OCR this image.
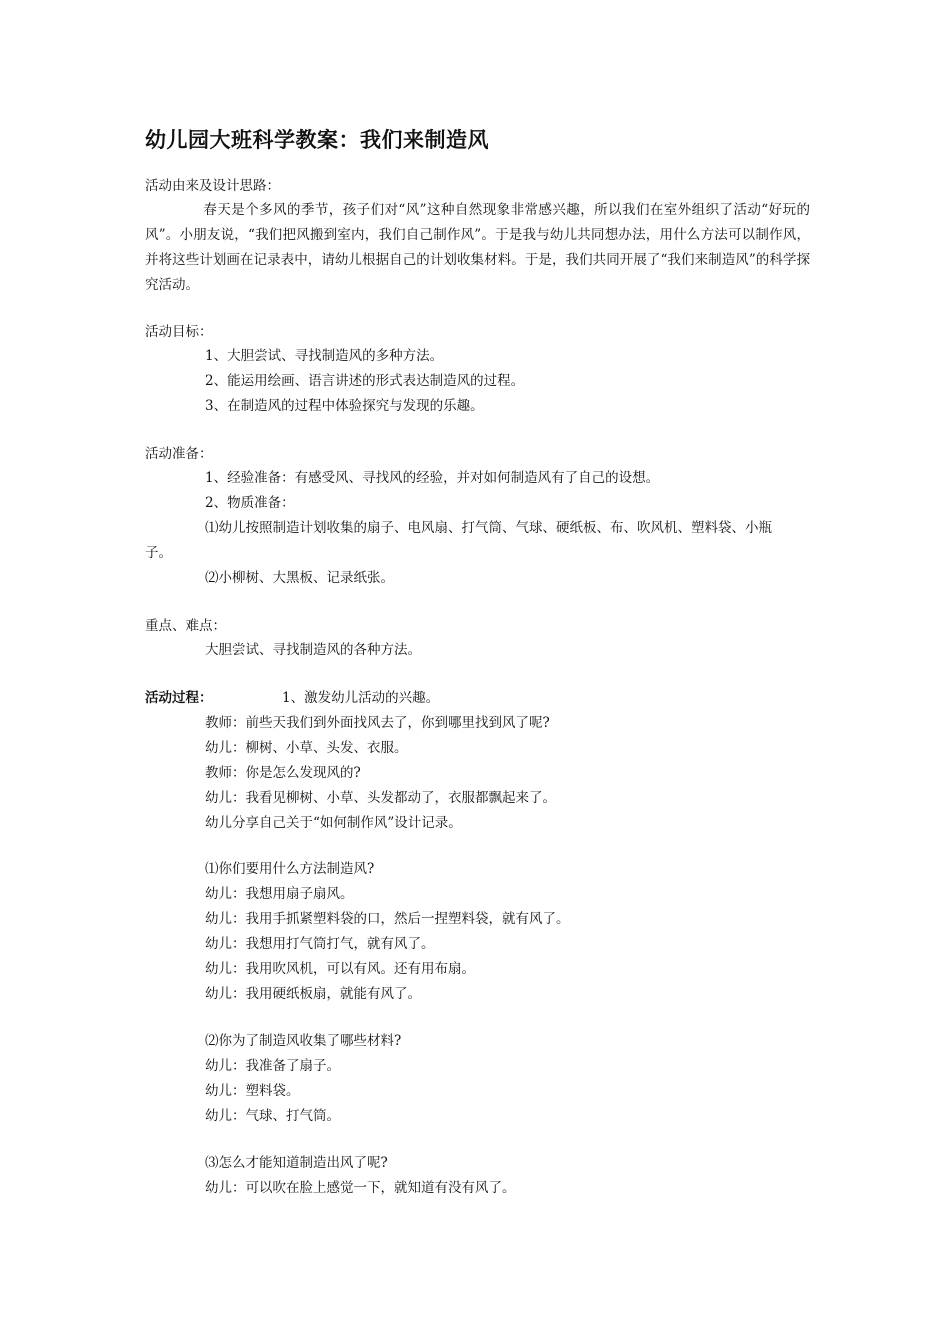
幼儿园大班科学教案：我们来制造风
活动由来及设计思路：
春天是个多风的季节，孩子们对“风”这种自然现象非常感兴趣，所以我们在室外组织了活动“好玩的风”。小朋友说，“我们把风搬到室内，我们自己制作风”。于是我与幼儿共同想办法，用什么方法可以制作风，并将这些计划画在记录表中，请幼儿根据自己的计划收集材料。于是，我们共同开展了“我们来制造风”的科学探究活动。
活动目标：
1、大胆尝试、寻找制造风的多种方法。
2、能运用绘画、语言讲述的形式表达制造风的过程。
3、在制造风的过程中体验探究与发现的乐趣。
活动准备：
1、经验准备：有感受风、寻找风的经验，并对如何制造风有了自己的设想。
2、物质准备：
⑴幼儿按照制造计划收集的扇子、电风扇、打气筒、气球、硬纸板、布、吹风机、塑料袋、小瓶
子。
⑵小柳树、大黑板、记录纸张。
重点、难点：
大胆尝试、寻找制造风的各种方法。
活动过程：	1、激发幼儿活动的兴趣。
教师：前些天我们到外面找风去了，你到哪里找到风了呢?
幼儿：柳树、小草、头发、衣服。
教师：你是怎么发现风的?
幼儿：我看见柳树、小草、头发都动了，衣服都飘起来了。
幼儿分享自己关于“如何制作风”设计记录。
⑴你们要用什么方法制造风?
幼儿：我想用扇子扇风。
幼儿：我用手抓紧塑料袋的口，然后一捏塑料袋，就有风了。
幼儿：我想用打气筒打气，就有风了。
幼儿：我用吹风机，可以有风。还有用布扇。
幼儿：我用硬纸板扇，就能有风了。
⑵你为了制造风收集了哪些材料?
幼儿：我准备了扇子。
幼儿：塑料袋。
幼儿：气球、打气筒。
⑶怎么才能知道制造出风了呢?
幼儿：可以吹在脸上感觉一下，就知道有没有风了。
